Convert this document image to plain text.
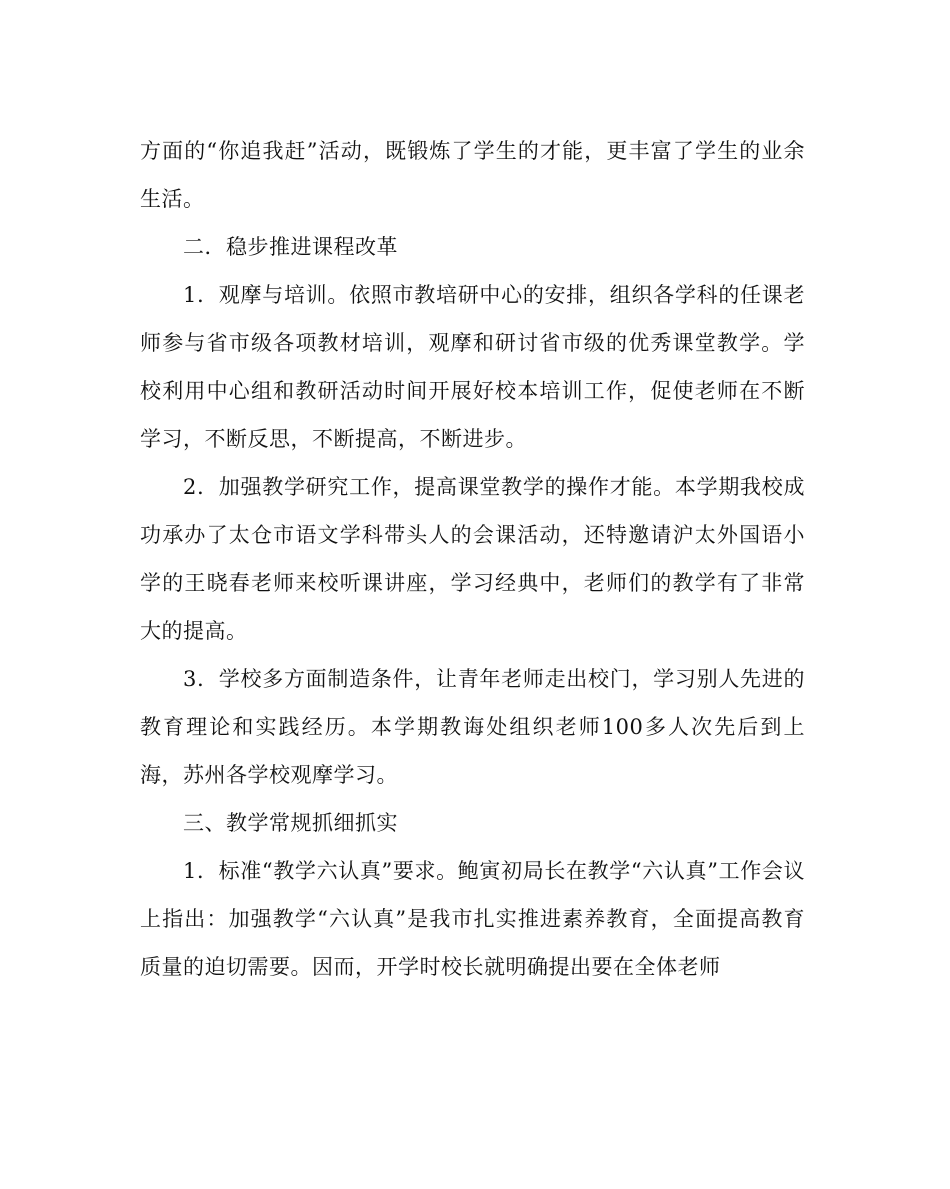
方面的“你追我赶”活动，既锻炼了学生的才能，更丰富了学生的业余生活。

二．稳步推进课程改革

1．观摩与培训。依照市教培研中心的安排，组织各学科的任课老师参与省市级各项教材培训，观摩和研讨省市级的优秀课堂教学。学校利用中心组和教研活动时间开展好校本培训工作，促使老师在不断学习，不断反思，不断提高，不断进步。

2．加强教学研究工作，提高课堂教学的操作才能。本学期我校成功承办了太仓市语文学科带头人的会课活动，还特邀请沪太外国语小学的王晓春老师来校听课讲座，学习经典中，老师们的教学有了非常大的提高。

3．学校多方面制造条件，让青年老师走出校门，学习别人先进的教育理论和实践经历。本学期教诲处组织老师100多人次先后到上海，苏州各学校观摩学习。

三、教学常规抓细抓实

1．标准“教学六认真”要求。鲍寅初局长在教学“六认真”工作会议上指出：加强教学“六认真”是我市扎实推进素养教育，全面提高教育质量的迫切需要。因而，开学时校长就明确提出要在全体老师
